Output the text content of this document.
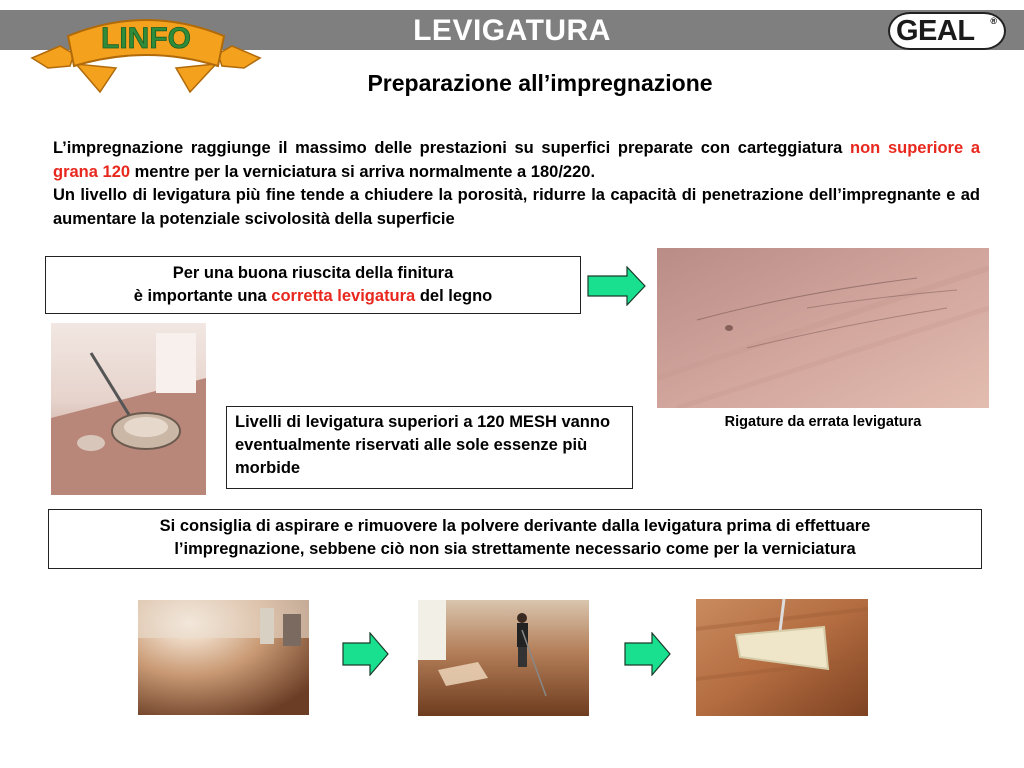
LEVIGATURA
LINFO	GEAL ®
Preparazione all’impregnazione

L’impregnazione raggiunge il massimo delle prestazioni su superfici preparate con carteggiatura non superiore a grana 120 mentre per la verniciatura si arriva normalmente a 180/220.

Un livello di levigatura più fine tende a chiudere la porosità, ridurre la capacità di penetrazione dell’impregnante e ad aumentare la potenziale scivolosità della superficie

Per una buona riuscita della finitura
è importante una corretta levigatura del legno
Rigature da errata levigatura
Livelli di levigatura superiori a 120 MESH vanno eventualmente riservati alle sole essenze più morbide
Si consiglia di aspirare e rimuovere la polvere derivante dalla levigatura prima di effettuare
l’impregnazione, sebbene ciò non sia strettamente necessario come per la verniciatura
